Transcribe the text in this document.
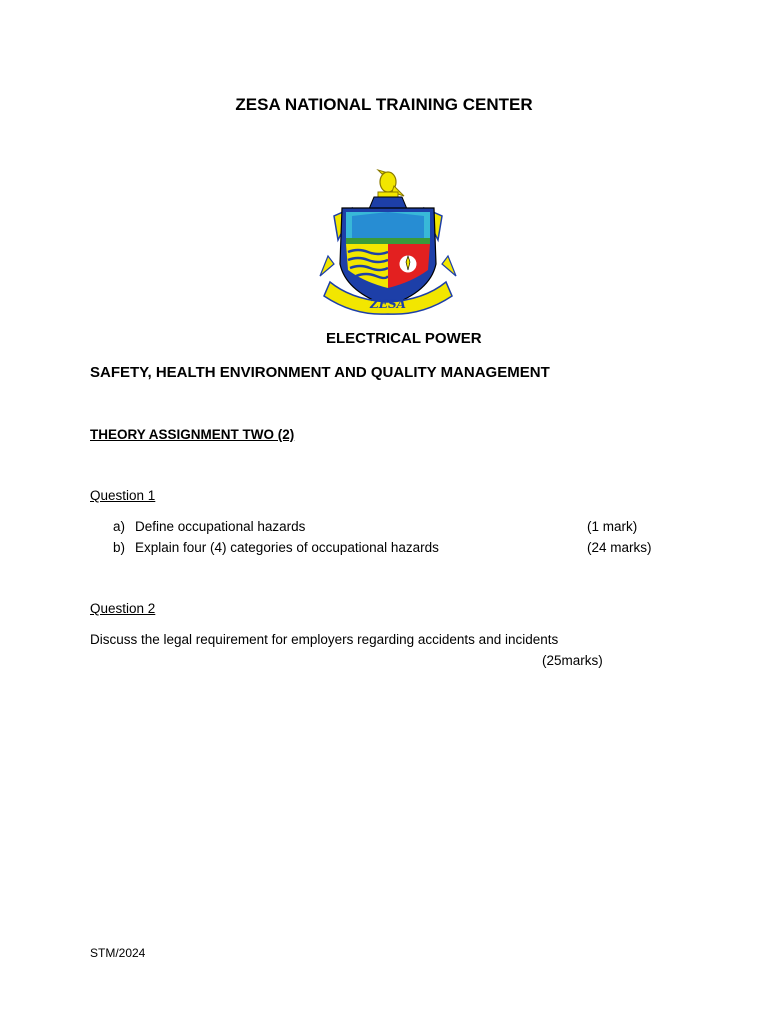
ZESA NATIONAL TRAINING CENTER
ZESA
ELECTRICAL POWER
SAFETY, HEALTH ENVIRONMENT AND QUALITY MANAGEMENT
THEORY ASSIGNMENT TWO (2)
Question 1
a) Define occupational hazards	(1 mark)
b) Explain four (4) categories of occupational hazards	(24 marks)
Question 2
Discuss the legal requirement for employers regarding accidents and incidents
(25marks)
STM/2024
